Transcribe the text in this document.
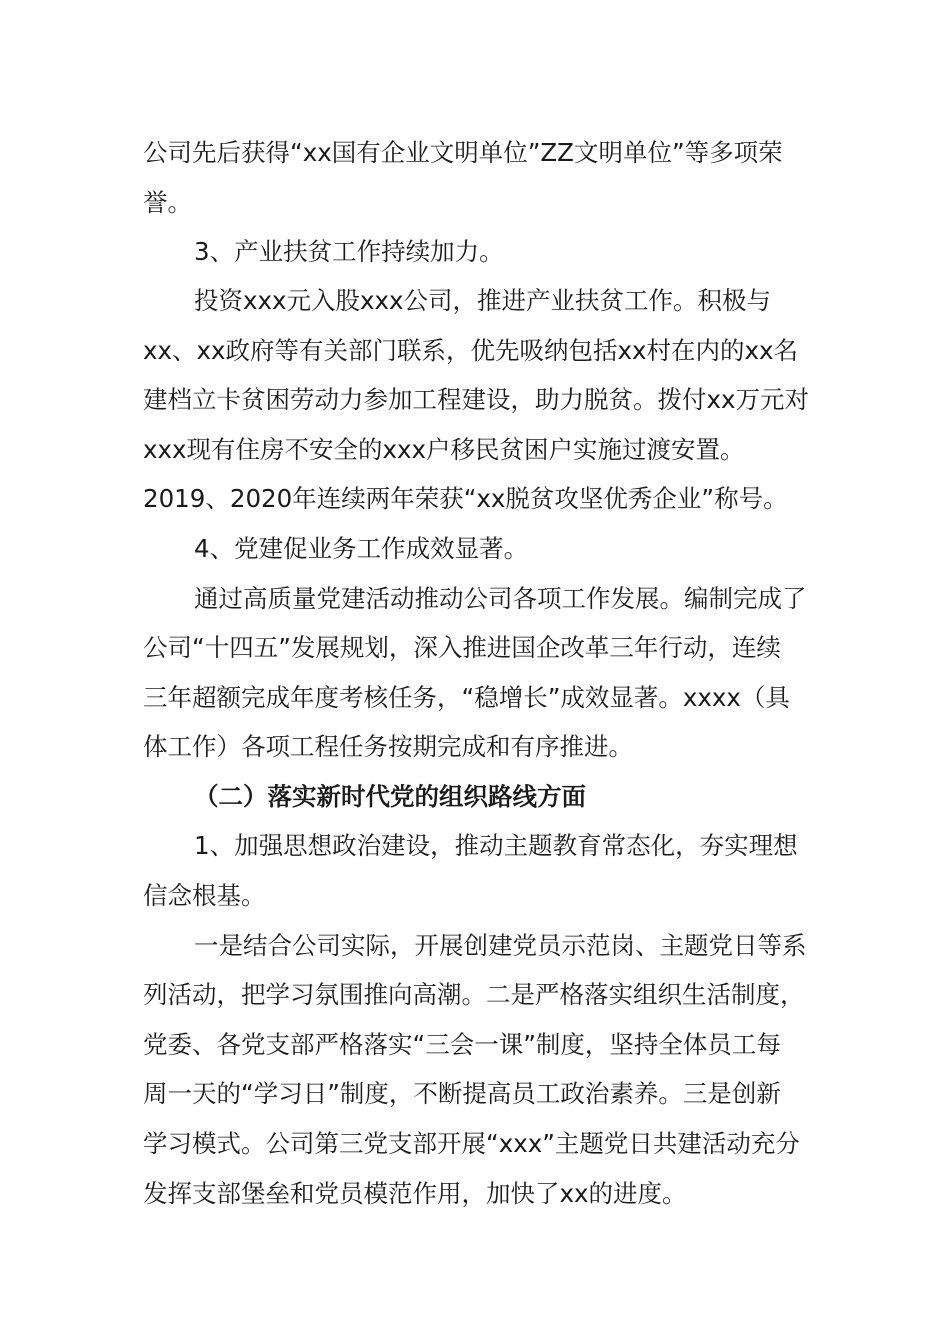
公司先后获得“xx国有企业文明单位”ZZ文明单位”等多项荣
誉。
3、产业扶贫工作持续加力。
投资xxx元入股xxx公司，推进产业扶贫工作。积极与
xx、xx政府等有关部门联系，优先吸纳包括xx村在内的xx名
建档立卡贫困劳动力参加工程建设，助力脱贫。拨付xx万元对
xxx现有住房不安全的xxx户移民贫困户实施过渡安置。
2019、2020年连续两年荣获“xx脱贫攻坚优秀企业”称号。
4、党建促业务工作成效显著。
通过高质量党建活动推动公司各项工作发展。编制完成了
公司“十四五”发展规划，深入推进国企改革三年行动，连续
三年超额完成年度考核任务，“稳增长”成效显著。xxxx（具
体工作）各项工程任务按期完成和有序推进。
（二）落实新时代党的组织路线方面
1、加强思想政治建设，推动主题教育常态化，夯实理想
信念根基。
一是结合公司实际，开展创建党员示范岗、主题党日等系
列活动，把学习氛围推向高潮。二是严格落实组织生活制度，
党委、各党支部严格落实“三会一课”制度，坚持全体员工每
周一天的“学习日”制度，不断提高员工政治素养。三是创新
学习模式。公司第三党支部开展“xxx”主题党日共建活动充分
发挥支部堡垒和党员模范作用，加快了xx的进度。
